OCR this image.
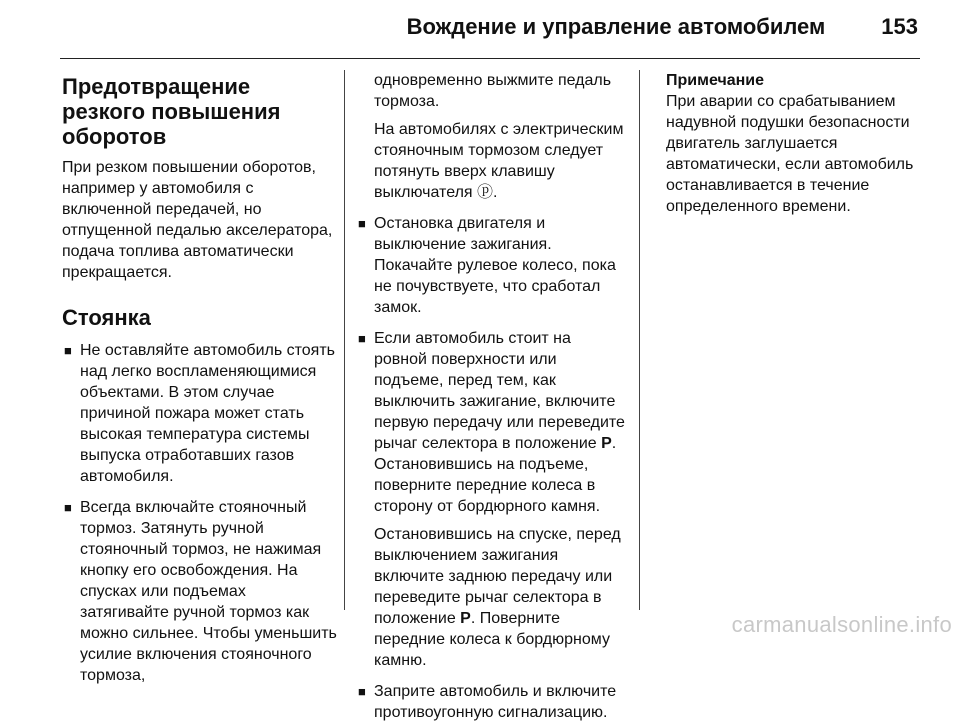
Вождение и управление автомобилем	153
Предотвращение резкого повышения оборотов

При резком повышении оборотов, например у автомобиля с включенной передачей, но отпущенной педалью акселератора, подача топлива автоматически прекращается.

Стоянка
■ Не оставляйте автомобиль стоять над легко воспламеняющимися объектами. В этом случае причиной пожара может стать высокая температура системы выпуска отработавших газов автомобиля.
■ Всегда включайте стояночный тормоз. Затянуть ручной стояночный тормоз, не нажимая кнопку его освобождения. На спусках или подъемах затягивайте ручной тормоз как можно сильнее. Чтобы уменьшить усилие включения стояночного тормоза,

одновременно выжмите педаль тормоза.

На автомобилях с электрическим стояночным тормозом следует потянуть вверх клавишу выключателя ⓟ.

■ Остановка двигателя и выключение зажигания. Покачайте рулевое колесо, пока не почувствуете, что сработал замок.
■ Если автомобиль стоит на ровной поверхности или подъеме, перед тем, как выключить зажигание, включите первую передачу или переведите рычаг селектора в положение P. Остановившись на подъеме, поверните передние колеса в сторону от бордюрного камня.

Остановившись на спуске, перед выключением зажигания включите заднюю передачу или переведите рычаг селектора в положение P. Поверните передние колеса к бордюрному камню.

■ Заприте автомобиль и включите противоугонную сигнализацию.
Примечание

При аварии со срабатыванием надувной подушки безопасности двигатель заглушается автоматически, если автомобиль останавливается в течение определенного времени.

carmanualsonline.info
